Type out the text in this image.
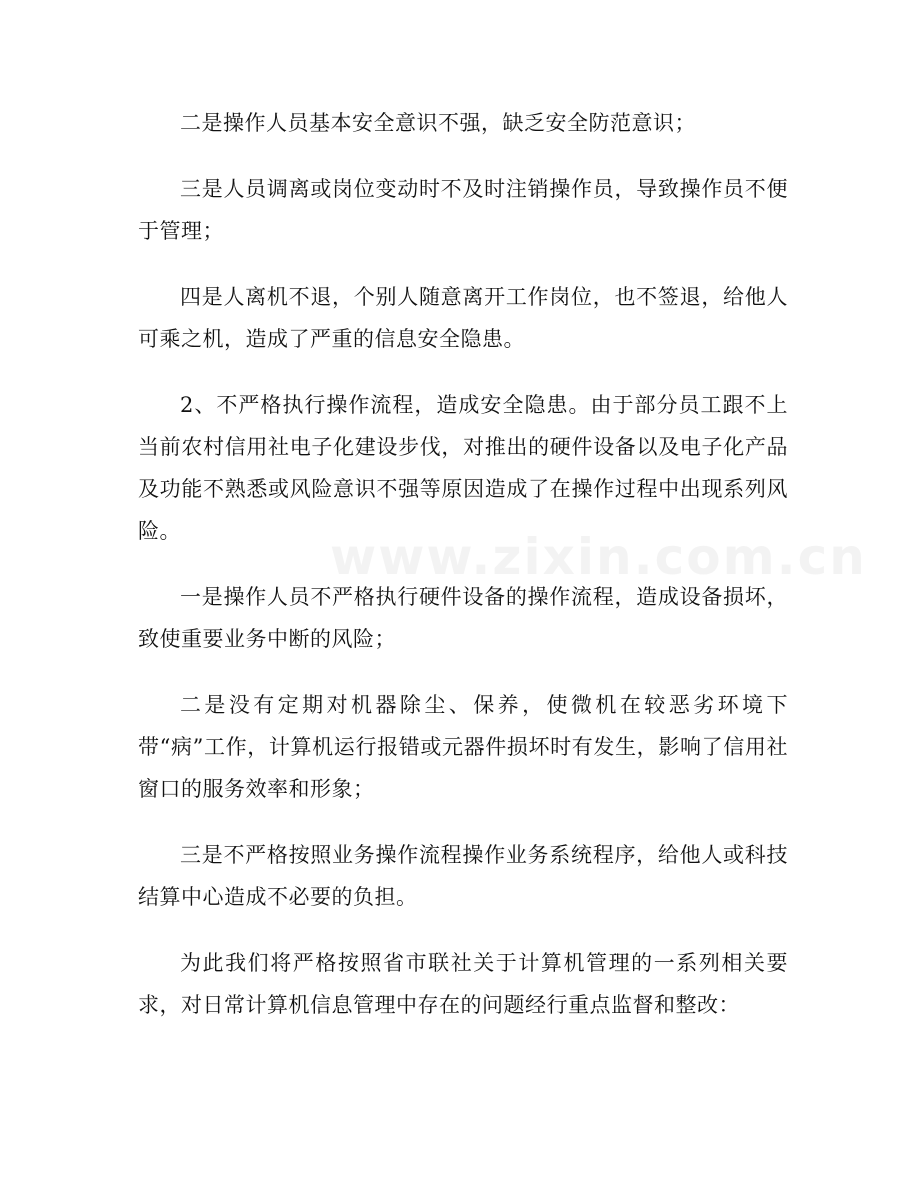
二是操作人员基本安全意识不强，缺乏安全防范意识；

三是人员调离或岗位变动时不及时注销操作员，导致操作员不便于管理；

四是人离机不退，个别人随意离开工作岗位，也不签退，给他人可乘之机，造成了严重的信息安全隐患。

2、不严格执行操作流程，造成安全隐患。由于部分员工跟不上当前农村信用社电子化建设步伐，对推出的硬件设备以及电子化产品及功能不熟悉或风险意识不强等原因造成了在操作过程中出现系列风险。

一是操作人员不严格执行硬件设备的操作流程，造成设备损坏，致使重要业务中断的风险；

二是没有定期对机器除尘、保养，使微机在较恶劣环境下带“病”工作，计算机运行报错或元器件损坏时有发生，影响了信用社窗口的服务效率和形象；

三是不严格按照业务操作流程操作业务系统程序，给他人或科技结算中心造成不必要的负担。

为此我们将严格按照省市联社关于计算机管理的一系列相关要求，对日常计算机信息管理中存在的问题经行重点监督和整改：

www.zixin.com.cn
